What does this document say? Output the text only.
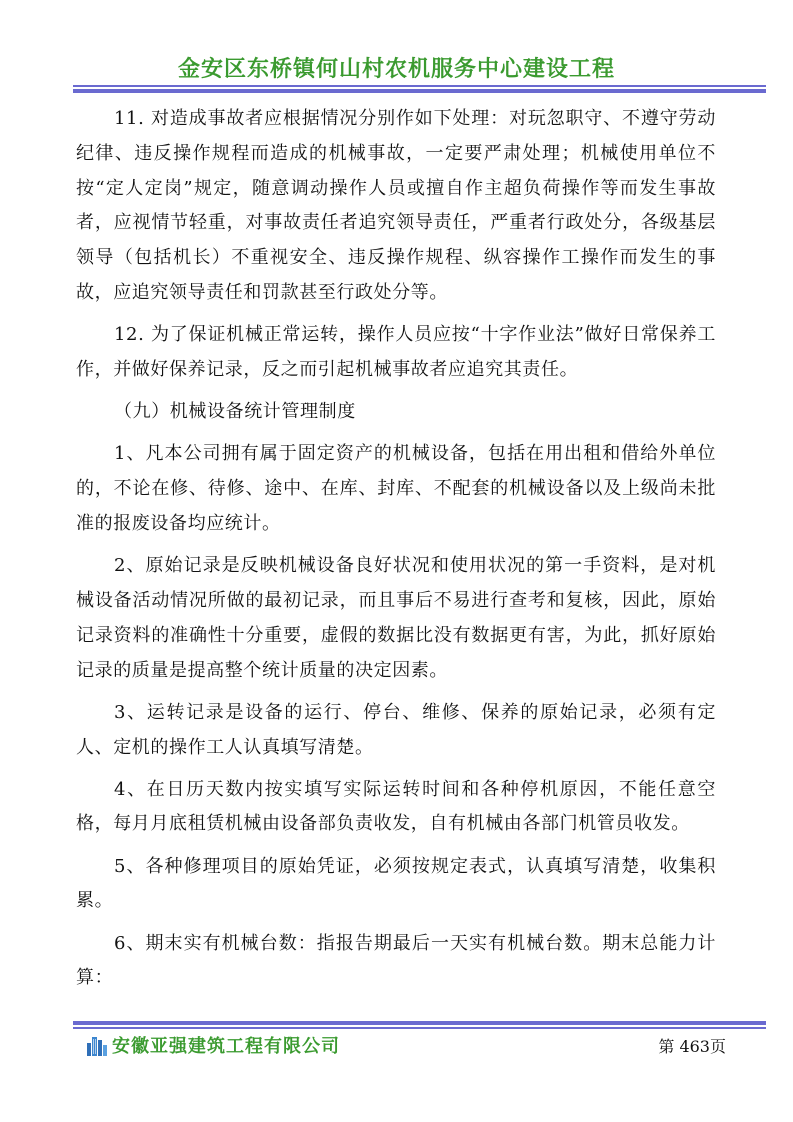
金安区东桥镇何山村农机服务中心建设工程

11. 对造成事故者应根据情况分别作如下处理：对玩忽职守、不遵守劳动纪律、违反操作规程而造成的机械事故，一定要严肃处理；机械使用单位不按“定人定岗”规定，随意调动操作人员或擅自作主超负荷操作等而发生事故者，应视情节轻重，对事故责任者追究领导责任，严重者行政处分，各级基层领导（包括机长）不重视安全、违反操作规程、纵容操作工操作而发生的事故，应追究领导责任和罚款甚至行政处分等。

12. 为了保证机械正常运转，操作人员应按“十字作业法”做好日常保养工作，并做好保养记录，反之而引起机械事故者应追究其责任。

（九）机械设备统计管理制度

1、凡本公司拥有属于固定资产的机械设备，包括在用出租和借给外单位的，不论在修、待修、途中、在库、封库、不配套的机械设备以及上级尚未批准的报废设备均应统计。

2、原始记录是反映机械设备良好状况和使用状况的第一手资料，是对机械设备活动情况所做的最初记录，而且事后不易进行查考和复核，因此，原始记录资料的准确性十分重要，虚假的数据比没有数据更有害，为此，抓好原始记录的质量是提高整个统计质量的决定因素。

3、运转记录是设备的运行、停台、维修、保养的原始记录，必须有定人、定机的操作工人认真填写清楚。

4、在日历天数内按实填写实际运转时间和各种停机原因，不能任意空格，每月月底租赁机械由设备部负责收发，自有机械由各部门机管员收发。

5、各种修理项目的原始凭证，必须按规定表式，认真填写清楚，收集积累。

6、期末实有机械台数：指报告期最后一天实有机械台数。期末总能力计算：

安徽亚强建筑工程有限公司	第 463页
